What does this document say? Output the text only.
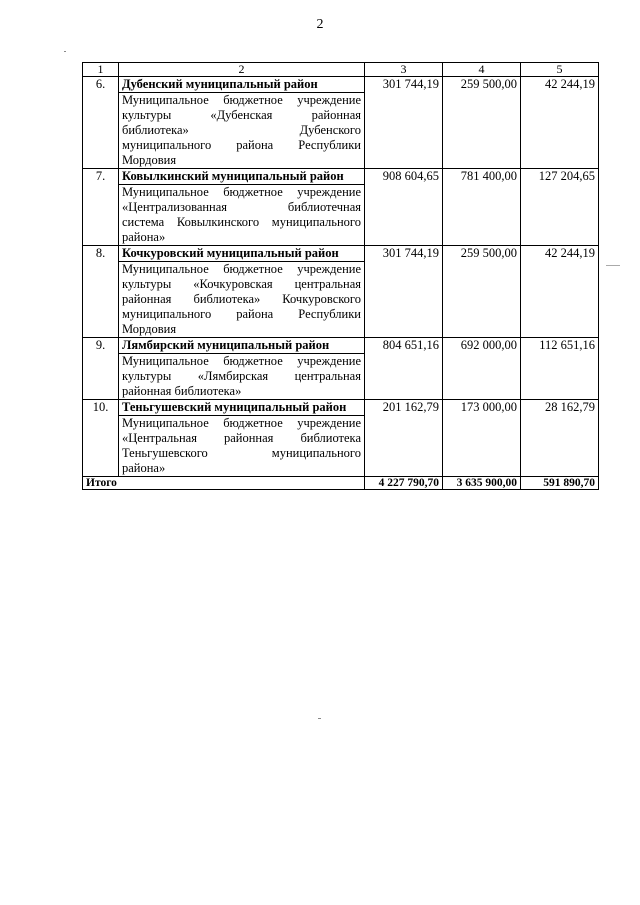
2
1	2	3	4	5
6.	Дубенский муниципальный район	301 744,19	259 500,00	42 244,19

	Муниципальное бюджетное учреждение
культуры «Дубенская районная
библиотека» Дубенского
муниципального района Республики
Мордовия			

7.	Ковылкинский муниципальный район	908 604,65	781 400,00	127 204,65

	Муниципальное бюджетное учреждение
«Централизованная библиотечная
система Ковылкинского муниципального
района»			

8.	Кочкуровский муниципальный район	301 744,19	259 500,00	42 244,19

	Муниципальное бюджетное учреждение
культуры «Кочкуровская центральная
районная библиотека» Кочкуровского
муниципального района Республики
Мордовия			

9.	Лямбирский муниципальный район	804 651,16	692 000,00	112 651,16

	Муниципальное бюджетное учреждение
культуры «Лямбирская центральная
районная библиотека»			

10.	Теньгушевский муниципальный район	201 162,79	173 000,00	28 162,79

	Муниципальное бюджетное учреждение
«Центральная районная библиотека
Теньгушевского муниципального
района»			

Итого		4 227 790,70	3 635 900,00	591 890,70
